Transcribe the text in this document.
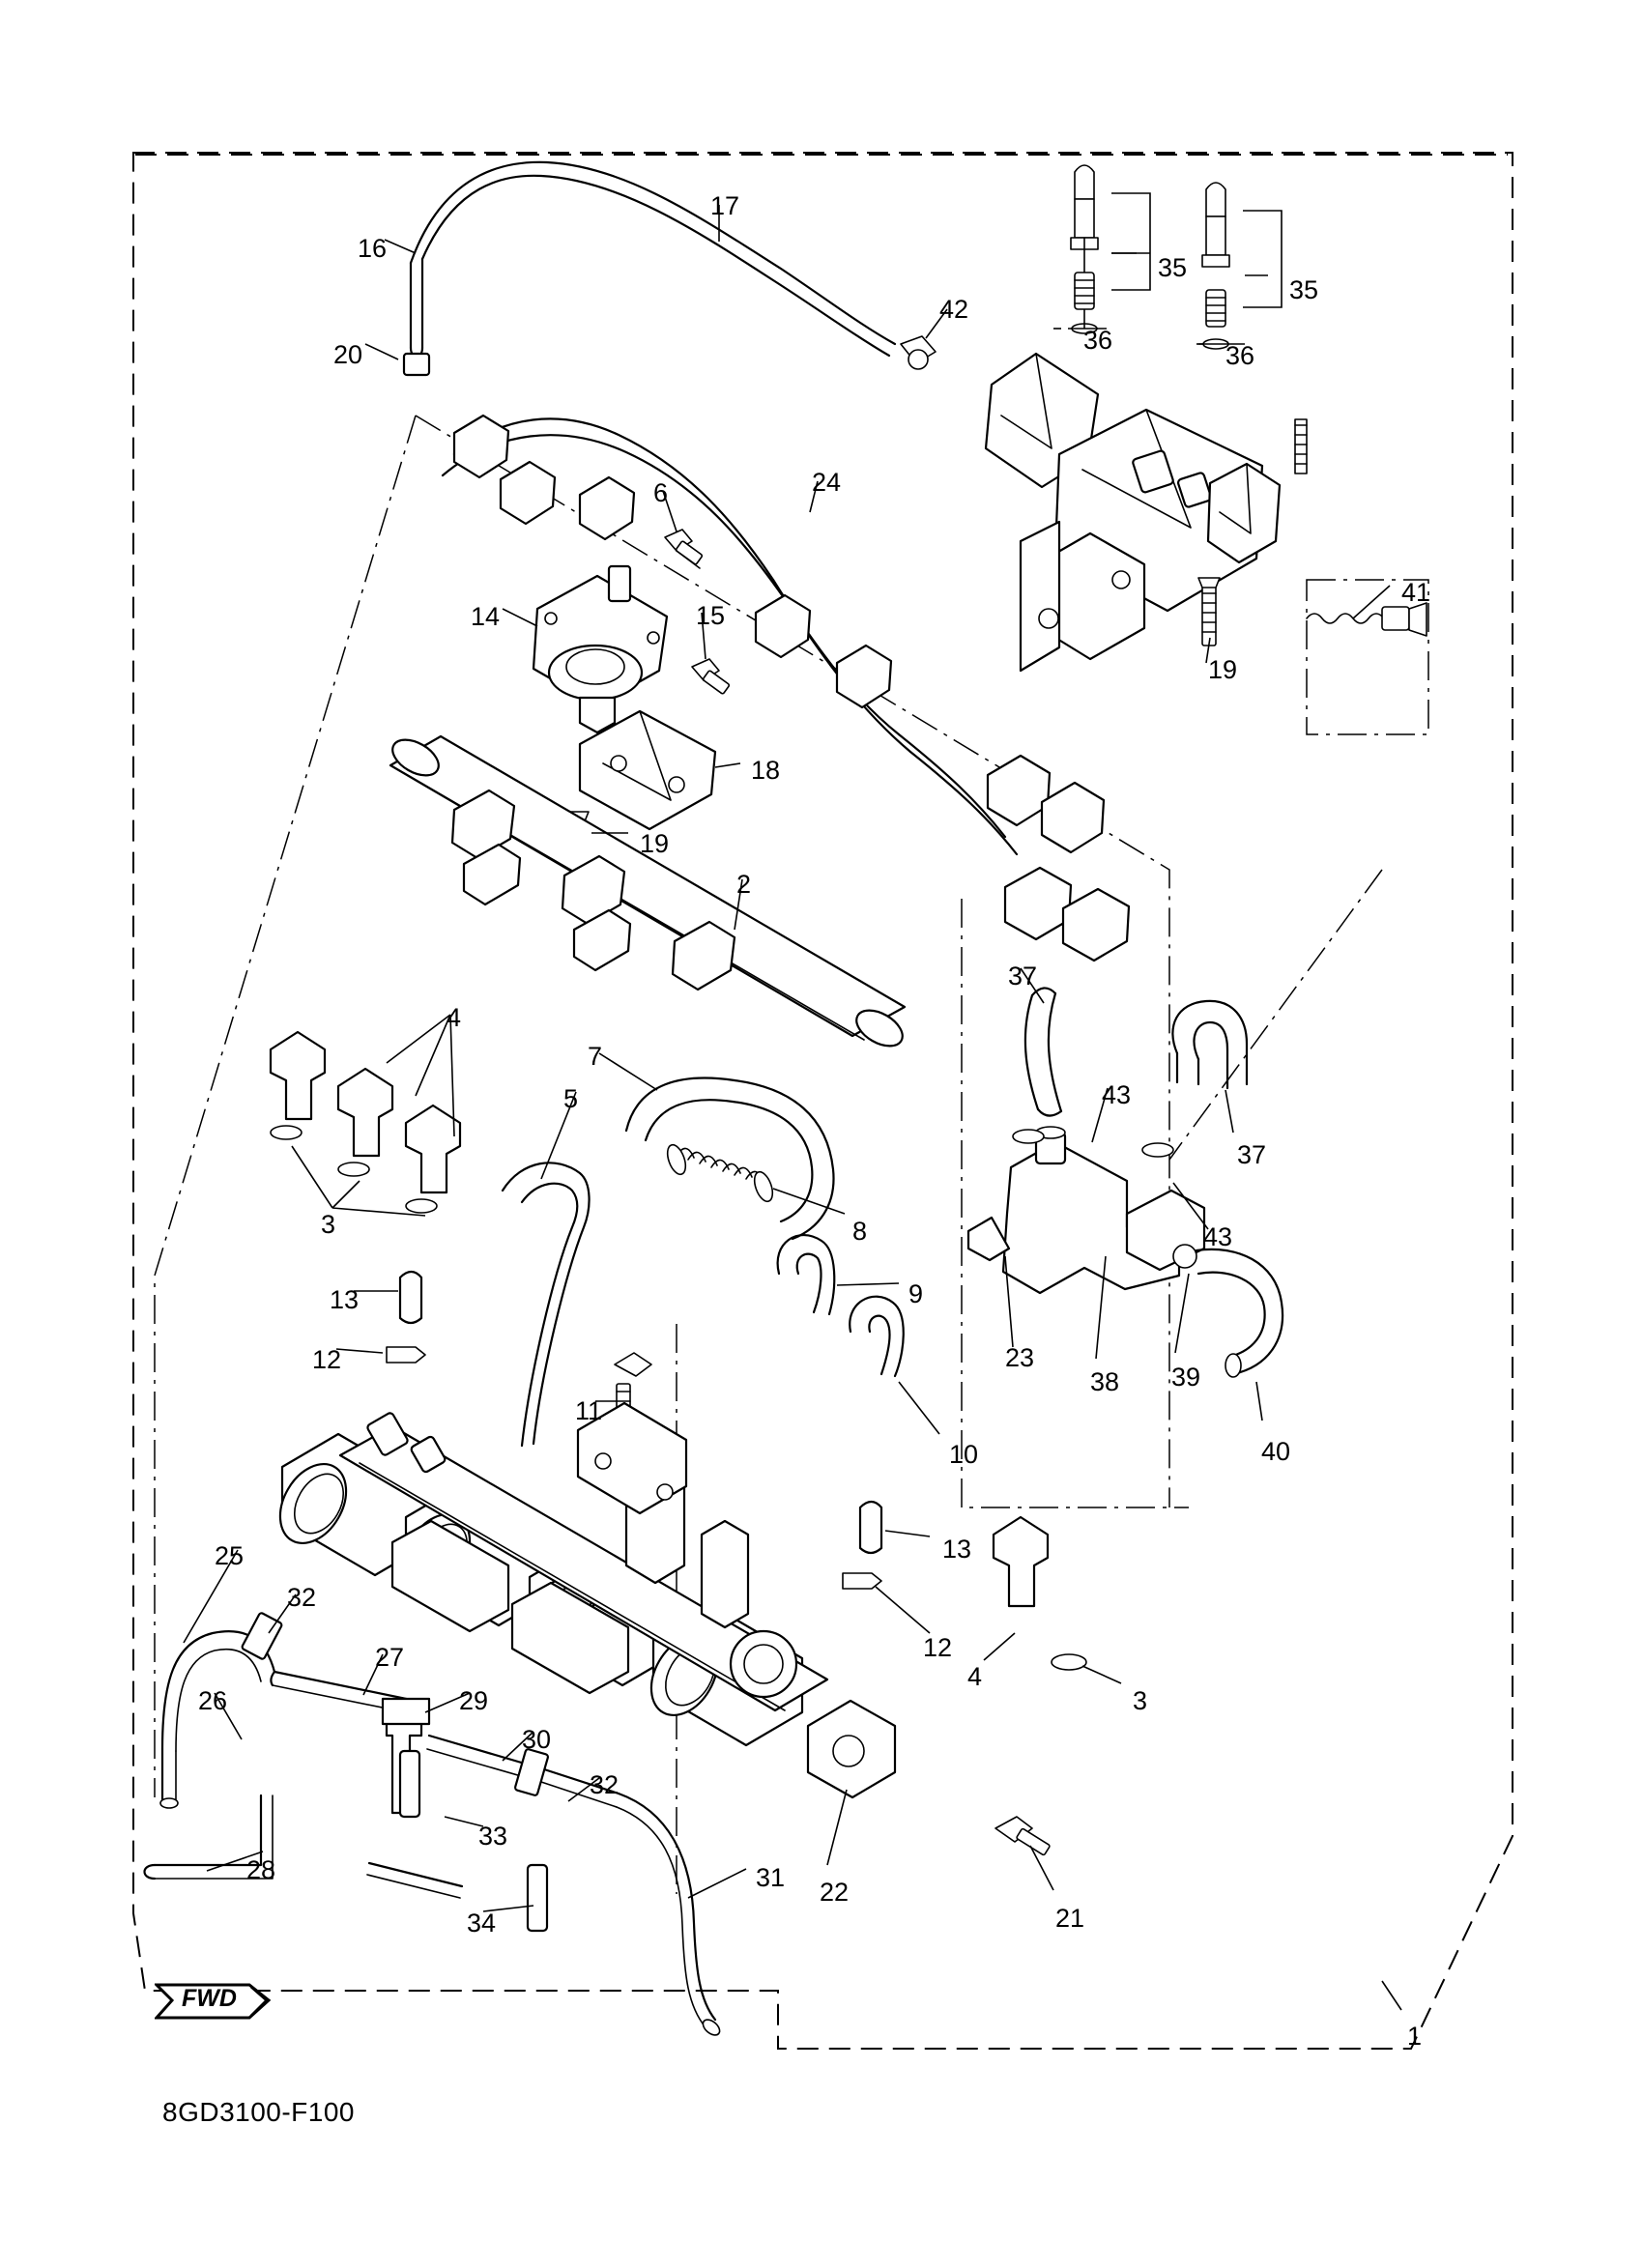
FWD
8GD3100-F100
16
17
42
35
35
36
36
20
6	24
41
14	15
19
18
19
2
4
7
37
43
37
3
5
8
9
43
23
38 39
13
12
11
10	40
13
25
32
12
4
3
26
27
29
30
32
28
33
34
31 22
21
1
